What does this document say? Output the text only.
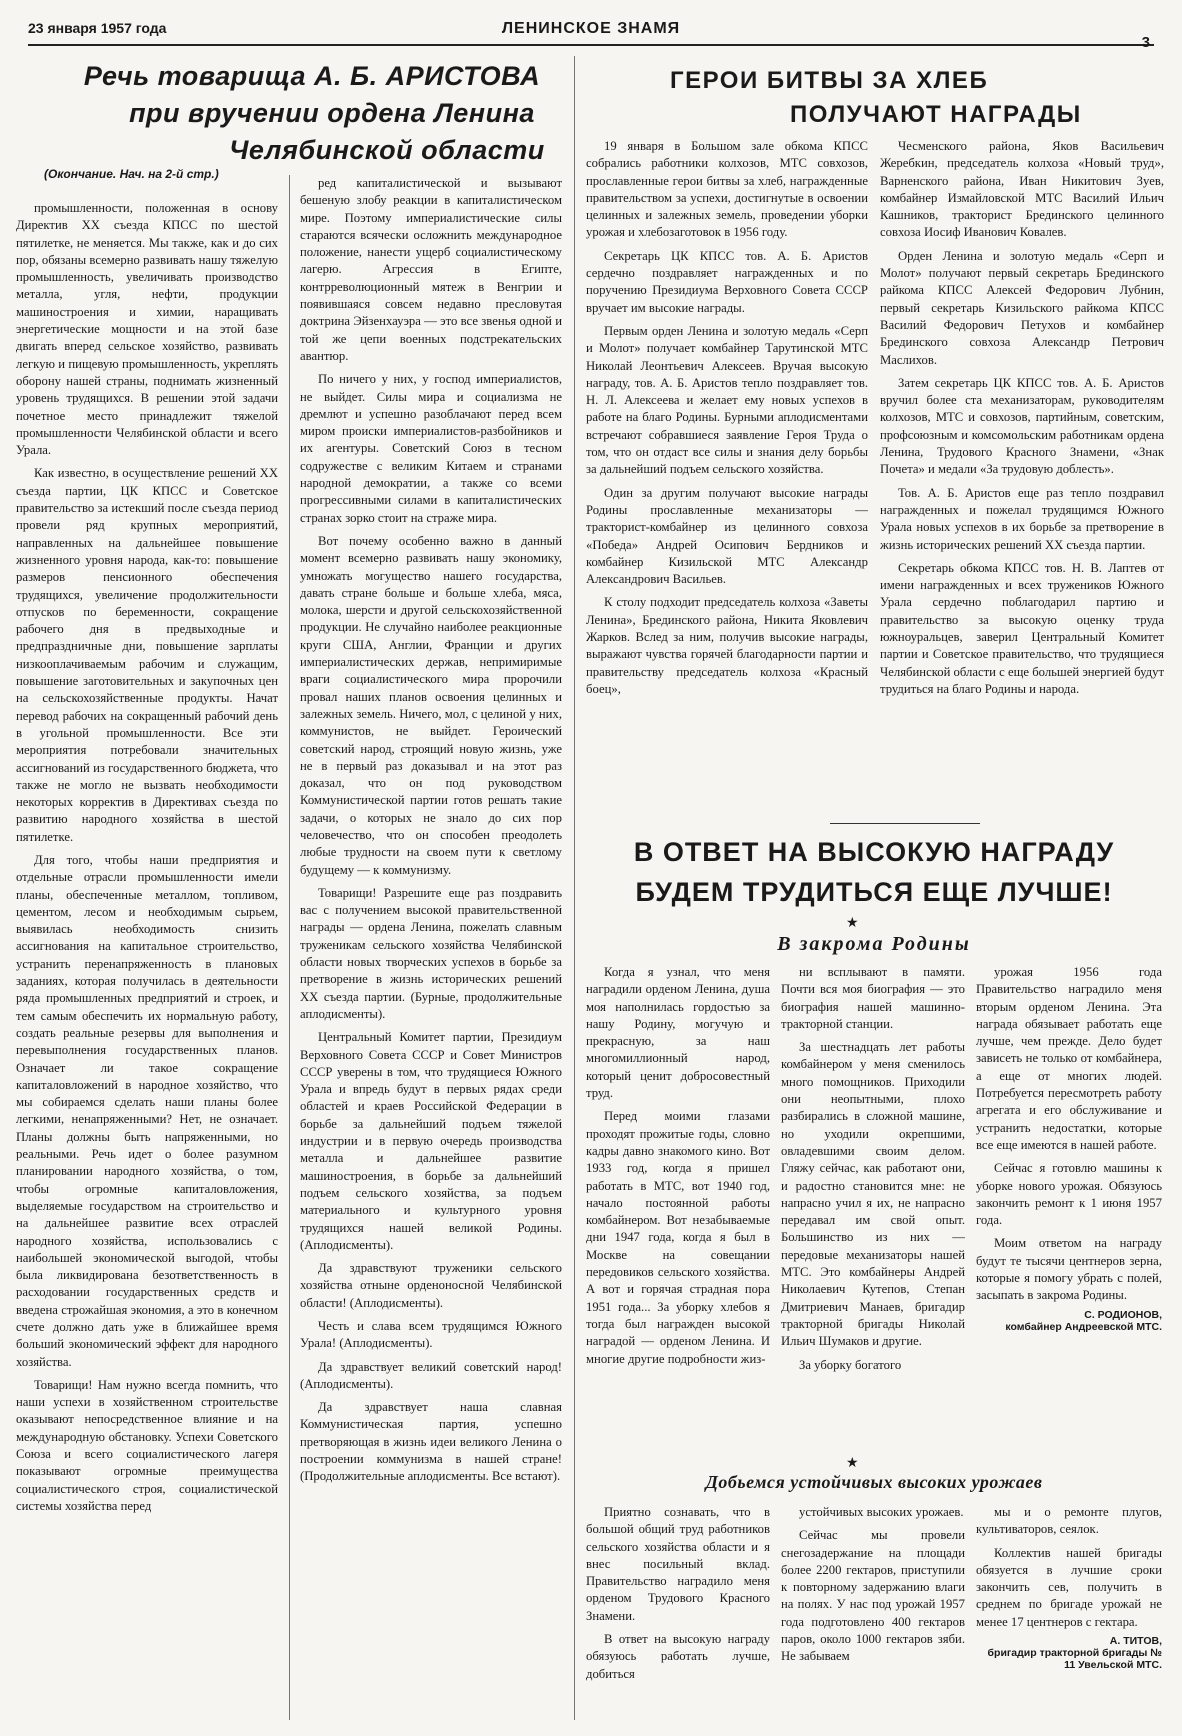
23 января 1957 года	ЛЕНИНСКОЕ ЗНАМЯ
3
Речь товарища А. Б. АРИСТОВА
при вручении ордена Ленина
Челябинской области
(Окончание. Нач. на 2-й стр.)

промышленности, положенная в основу Директив XX съезда КПСС по шестой пятилетке, не меняется. Мы также, как и до сих пор, обязаны всемерно развивать нашу тяжелую промышленность, увеличивать производство металла, угля, нефти, продукции машиностроения и химии, наращивать энергетические мощности и на этой базе двигать вперед сельское хозяйство, развивать легкую и пищевую промышленность, укреплять оборону нашей страны, поднимать жизненный уровень трудящихся. В решении этой задачи почетное место принадлежит тяжелой промышленности Челябинской области и всего Урала.

Как известно, в осуществление решений XX съезда партии, ЦК КПСС и Советское правительство за истекший после съезда период провели ряд крупных мероприятий, направленных на дальнейшее повышение жизненного уровня народа, как-то: повышение размеров пенсионного обеспечения трудящихся, увеличение продолжительности отпусков по беременности, сокращение рабочего дня в предвыходные и предпраздничные дни, повышение зарплаты низкооплачиваемым рабочим и служащим, повышение заготовительных и закупочных цен на сельскохозяйственные продукты. Начат перевод рабочих на сокращенный рабочий день в угольной промышленности. Все эти мероприятия потребовали значительных ассигнований из государственного бюджета, что также не могло не вызвать необходимости некоторых корректив в Директивах съезда по развитию народного хозяйства в шестой пятилетке.

Для того, чтобы наши предприятия и отдельные отрасли промышленности имели планы, обеспеченные металлом, топливом, цементом, лесом и необходимым сырьем, выявилась необходимость снизить ассигнования на капитальное строительство, устранить перенапряженность в плановых заданиях, которая получилась в деятельности ряда промышленных предприятий и строек, и тем самым обеспечить их нормальную работу, создать реальные резервы для выполнения и перевыполнения государственных планов. Означает ли такое сокращение капиталовложений в народное хозяйство, что мы собираемся сделать наши планы более легкими, ненапряженными? Нет, не означает. Планы должны быть напряженными, но реальными. Речь идет о более разумном планировании народного хозяйства, о том, чтобы огромные капиталовложения, выделяемые государством на строительство и на дальнейшее развитие всех отраслей народного хозяйства, использовались с наибольшей экономической выгодой, чтобы была ликвидирована безответственность в расходовании государственных средств и введена строжайшая экономия, а это в конечном счете должно дать уже в ближайшее время больший экономический эффект для народного хозяйства.

Товарищи! Нам нужно всегда помнить, что наши успехи в хозяйственном строительстве оказывают непосредственное влияние и на международную обстановку. Успехи Советского Союза и всего социалистического лагеря показывают огромные преимущества социалистического строя, социалистической системы хозяйства перед

ред капиталистической и вызывают бешеную злобу реакции в капиталистическом мире. Поэтому империалистические силы стараются всячески осложнить международное положение, нанести ущерб социалистическому лагерю. Агрессия в Египте, контрреволюционный мятеж в Венгрии и появившаяся совсем недавно пресловутая доктрина Эйзенхауэра — это все звенья одной и той же цепи военных подстрекательских авантюр.

По ничего у них, у господ империалистов, не выйдет. Силы мира и социализма не дремлют и успешно разоблачают перед всем миром происки империалистов-разбойников и их агентуры. Советский Союз в тесном содружестве с великим Китаем и странами народной демократии, а также со всеми прогрессивными силами в капиталистических странах зорко стоит на страже мира.

Вот почему особенно важно в данный момент всемерно развивать нашу экономику, умножать могущество нашего государства, давать стране больше и больше хлеба, мяса, молока, шерсти и другой сельскохозяйственной продукции. Не случайно наиболее реакционные круги США, Англии, Франции и других империалистических держав, непримиримые враги социалистического мира пророчили провал наших планов освоения целинных и залежных земель. Ничего, мол, с целиной у них, коммунистов, не выйдет. Героический советский народ, строящий новую жизнь, уже не в первый раз доказывал и на этот раз доказал, что он под руководством Коммунистической партии готов решать такие задачи, о которых не знало до сих пор человечество, что он способен преодолеть любые трудности на своем пути к светлому будущему — к коммунизму.

Товарищи! Разрешите еще раз поздравить вас с получением высокой правительственной награды — ордена Ленина, пожелать славным труженикам сельского хозяйства Челябинской области новых творческих успехов в борьбе за претворение в жизнь исторических решений XX съезда партии. (Бурные, продолжительные аплодисменты).

Центральный Комитет партии, Президиум Верховного Совета СССР и Совет Министров СССР уверены в том, что трудящиеся Южного Урала и впредь будут в первых рядах среди областей и краев Российской Федерации в борьбе за дальнейший подъем тяжелой индустрии и в первую очередь производства металла и дальнейшее развитие машиностроения, в борьбе за дальнейший подъем сельского хозяйства, за подъем материального и культурного уровня трудящихся нашей великой Родины. (Аплодисменты).

Да здравствуют труженики сельского хозяйства отныне орденоносной Челябинской области! (Аплодисменты).

Честь и слава всем трудящимся Южного Урала! (Аплодисменты).

Да здравствует великий советский народ! (Аплодисменты).

Да здравствует наша славная Коммунистическая партия, успешно претворяющая в жизнь идеи великого Ленина о построении коммунизма в нашей стране! (Продолжительные аплодисменты. Все встают).

ГЕРОИ БИТВЫ ЗА ХЛЕБ
ПОЛУЧАЮТ НАГРАДЫ

19 января в Большом зале обкома КПСС собрались работники колхозов, МТС совхозов, прославленные герои битвы за хлеб, награжденные правительством за успехи, достигнутые в освоении целинных и залежных земель, проведении уборки урожая и хлебозаготовок в 1956 году.

Секретарь ЦК КПСС тов. А. Б. Аристов сердечно поздравляет награжденных и по поручению Президиума Верховного Совета СССР вручает им высокие награды.

Первым орден Ленина и золотую медаль «Серп и Молот» получает комбайнер Тарутинской МТС Николай Леонтьевич Алексеев. Вручая высокую награду, тов. А. Б. Аристов тепло поздравляет тов. Н. Л. Алексеева и желает ему новых успехов в работе на благо Родины. Бурными аплодисментами встречают собравшиеся заявление Героя Труда о том, что он отдаст все силы и знания делу борьбы за дальнейший подъем сельского хозяйства.

Один за другим получают высокие награды Родины прославленные механизаторы — тракторист-комбайнер из целинного совхоза «Победа» Андрей Осипович Бердников и комбайнер Кизильской МТС Александр Александрович Васильев.

К столу подходит председатель колхоза «Заветы Ленина», Брединского района, Никита Яковлевич Жарков. Вслед за ним, получив высокие награды, выражают чувства горячей благодарности партии и правительству председатель колхоза «Красный боец»,

Чесменского района, Яков Васильевич Жеребкин, председатель колхоза «Новый труд», Варненского района, Иван Никитович Зуев, комбайнер Измайловской МТС Василий Ильич Кашников, тракторист Брединского целинного совхоза Иосиф Иванович Ковалев.

Орден Ленина и золотую медаль «Серп и Молот» получают первый секретарь Брединского райкома КПСС Алексей Федорович Лубнин, первый секретарь Кизильского райкома КПСС Василий Федорович Петухов и комбайнер Брединского совхоза Александр Петрович Маслихов.

Затем секретарь ЦК КПСС тов. А. Б. Аристов вручил более ста механизаторам, руководителям колхозов, МТС и совхозов, партийным, советским, профсоюзным и комсомольским работникам ордена Ленина, Трудового Красного Знамени, «Знак Почета» и медали «За трудовую доблесть».

Тов. А. Б. Аристов еще раз тепло поздравил награжденных и пожелал трудящимся Южного Урала новых успехов в их борьбе за претворение в жизнь исторических решений XX съезда партии.

Секретарь обкома КПСС тов. Н. В. Лаптев от имени награжденных и всех тружеников Южного Урала сердечно поблагодарил партию и правительство за высокую оценку труда южноуральцев, заверил Центральный Комитет партии и Советское правительство, что трудящиеся Челябинской области с еще большей энергией будут трудиться на благо Родины и народа.

В ОТВЕТ НА ВЫСОКУЮ НАГРАДУ
БУДЕМ ТРУДИТЬСЯ ЕЩЕ ЛУЧШЕ!
★
В закрома Родины

Когда я узнал, что меня наградили орденом Ленина, душа моя наполнилась гордостью за нашу Родину, могучую и прекрасную, за наш многомиллионный народ, который ценит добросовестный труд.

Перед моими глазами проходят прожитые годы, словно кадры давно знакомого кино. Вот 1933 год, когда я пришел работать в МТС, вот 1940 год, начало постоянной работы комбайнером. Вот незабываемые дни 1947 года, когда я был в Москве на совещании передовиков сельского хозяйства. А вот и горячая страдная пора 1951 года... За уборку хлебов я тогда был награжден высокой наградой — орденом Ленина. И многие другие подробности жиз-

ни всплывают в памяти. Почти вся моя биография — это биография нашей машинно-тракторной станции.

За шестнадцать лет работы комбайнером у меня сменилось много помощников. Приходили они неопытными, плохо разбирались в сложной машине, но уходили окрепшими, овладевшими своим делом. Гляжу сейчас, как работают они, и радостно становится мне: не напрасно учил я их, не напрасно передавал им свой опыт. Большинство из них — передовые механизаторы нашей МТС. Это комбайнеры Андрей Николаевич Кутепов, Степан Дмитриевич Манаев, бригадир тракторной бригады Николай Ильич Шумаков и другие.

За уборку богатого

урожая 1956 года Правительство наградило меня вторым орденом Ленина. Эта награда обязывает работать еще лучше, чем прежде. Дело будет зависеть не только от комбайнера, а еще от многих людей. Потребуется пересмотреть работу агрегата и его обслуживание и устранить недостатки, которые все еще имеются в нашей работе.

Сейчас я готовлю машины к уборке нового урожая. Обязуюсь закончить ремонт к 1 июня 1957 года.

Моим ответом на награду будут те тысячи центнеров зерна, которые я помогу убрать с полей, засыпать в закрома Родины.

С. РОДИОНОВ,

комбайнер Андреевской МТС.

★
Добьемся устойчивых высоких урожаев

Приятно сознавать, что в большой общий труд работников сельского хозяйства области и я внес посильный вклад. Правительство наградило меня орденом Трудового Красного Знамени.

В ответ на высокую награду обязуюсь работать лучше, добиться

устойчивых высоких урожаев.

Сейчас мы провели снегозадержание на площади более 2200 гектаров, приступили к повторному задержанию влаги на полях. У нас под урожай 1957 года подготовлено 400 гектаров паров, около 1000 гектаров зяби. Не забываем

мы и о ремонте плугов, культиваторов, сеялок.

Коллектив нашей бригады обязуется в лучшие сроки закончить сев, получить в среднем по бригаде урожай не менее 17 центнеров с гектара.

А. ТИТОВ,

бригадир тракторной бригады № 11 Увельской МТС.
